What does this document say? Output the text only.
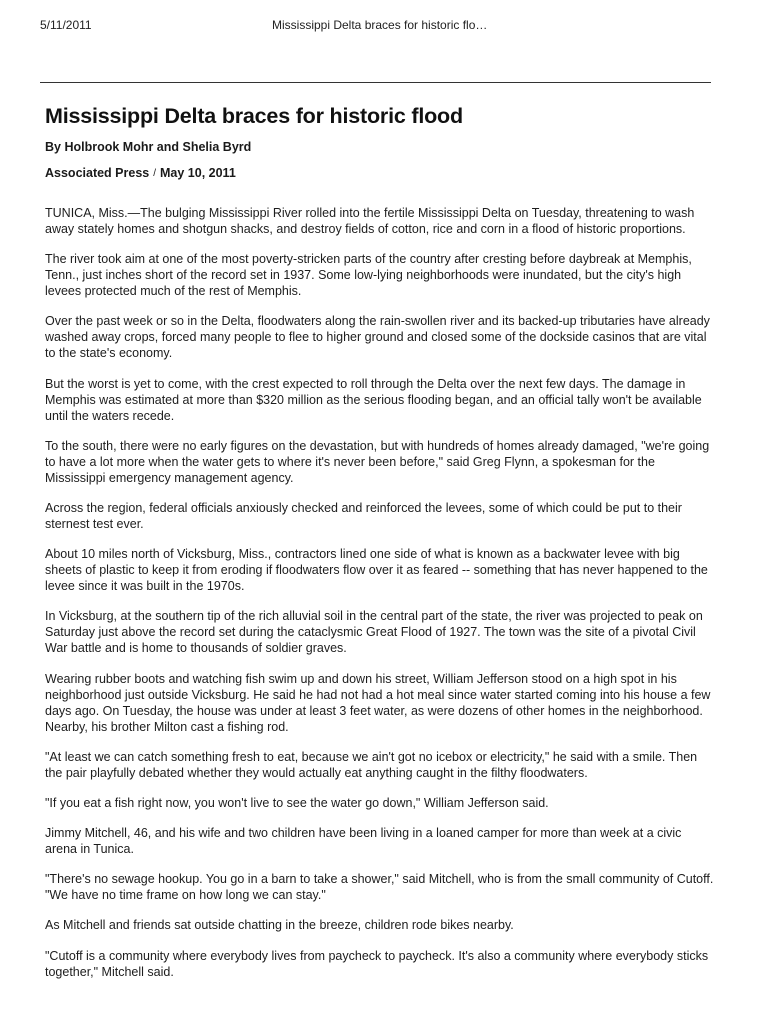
5/11/2011	Mississippi Delta braces for historic flo…
Mississippi Delta braces for historic flood
By Holbrook Mohr and Shelia Byrd
Associated Press / May 10, 2011

TUNICA, Miss.—The bulging Mississippi River rolled into the fertile Mississippi Delta on Tuesday, threatening to wash away stately homes and shotgun shacks, and destroy fields of cotton, rice and corn in a flood of historic proportions.

The river took aim at one of the most poverty-stricken parts of the country after cresting before daybreak at Memphis, Tenn., just inches short of the record set in 1937. Some low-lying neighborhoods were inundated, but the city's high levees protected much of the rest of Memphis.

Over the past week or so in the Delta, floodwaters along the rain-swollen river and its backed-up tributaries have already washed away crops, forced many people to flee to higher ground and closed some of the dockside casinos that are vital to the state's economy.

But the worst is yet to come, with the crest expected to roll through the Delta over the next few days. The damage in Memphis was estimated at more than $320 million as the serious flooding began, and an official tally won't be available until the waters recede.

To the south, there were no early figures on the devastation, but with hundreds of homes already damaged, "we're going to have a lot more when the water gets to where it's never been before," said Greg Flynn, a spokesman for the Mississippi emergency management agency.

Across the region, federal officials anxiously checked and reinforced the levees, some of which could be put to their sternest test ever.

About 10 miles north of Vicksburg, Miss., contractors lined one side of what is known as a backwater levee with big sheets of plastic to keep it from eroding if floodwaters flow over it as feared -- something that has never happened to the levee since it was built in the 1970s.

In Vicksburg, at the southern tip of the rich alluvial soil in the central part of the state, the river was projected to peak on Saturday just above the record set during the cataclysmic Great Flood of 1927. The town was the site of a pivotal Civil War battle and is home to thousands of soldier graves.

Wearing rubber boots and watching fish swim up and down his street, William Jefferson stood on a high spot in his neighborhood just outside Vicksburg. He said he had not had a hot meal since water started coming into his house a few days ago. On Tuesday, the house was under at least 3 feet water, as were dozens of other homes in the neighborhood. Nearby, his brother Milton cast a fishing rod.

"At least we can catch something fresh to eat, because we ain't got no icebox or electricity," he said with a smile. Then the pair playfully debated whether they would actually eat anything caught in the filthy floodwaters.

"If you eat a fish right now, you won't live to see the water go down," William Jefferson said.

Jimmy Mitchell, 46, and his wife and two children have been living in a loaned camper for more than week at a civic arena in Tunica.

"There's no sewage hookup. You go in a barn to take a shower," said Mitchell, who is from the small community of Cutoff. "We have no time frame on how long we can stay."

As Mitchell and friends sat outside chatting in the breeze, children rode bikes nearby.

"Cutoff is a community where everybody lives from paycheck to paycheck. It's also a community where everybody sticks together," Mitchell said.
